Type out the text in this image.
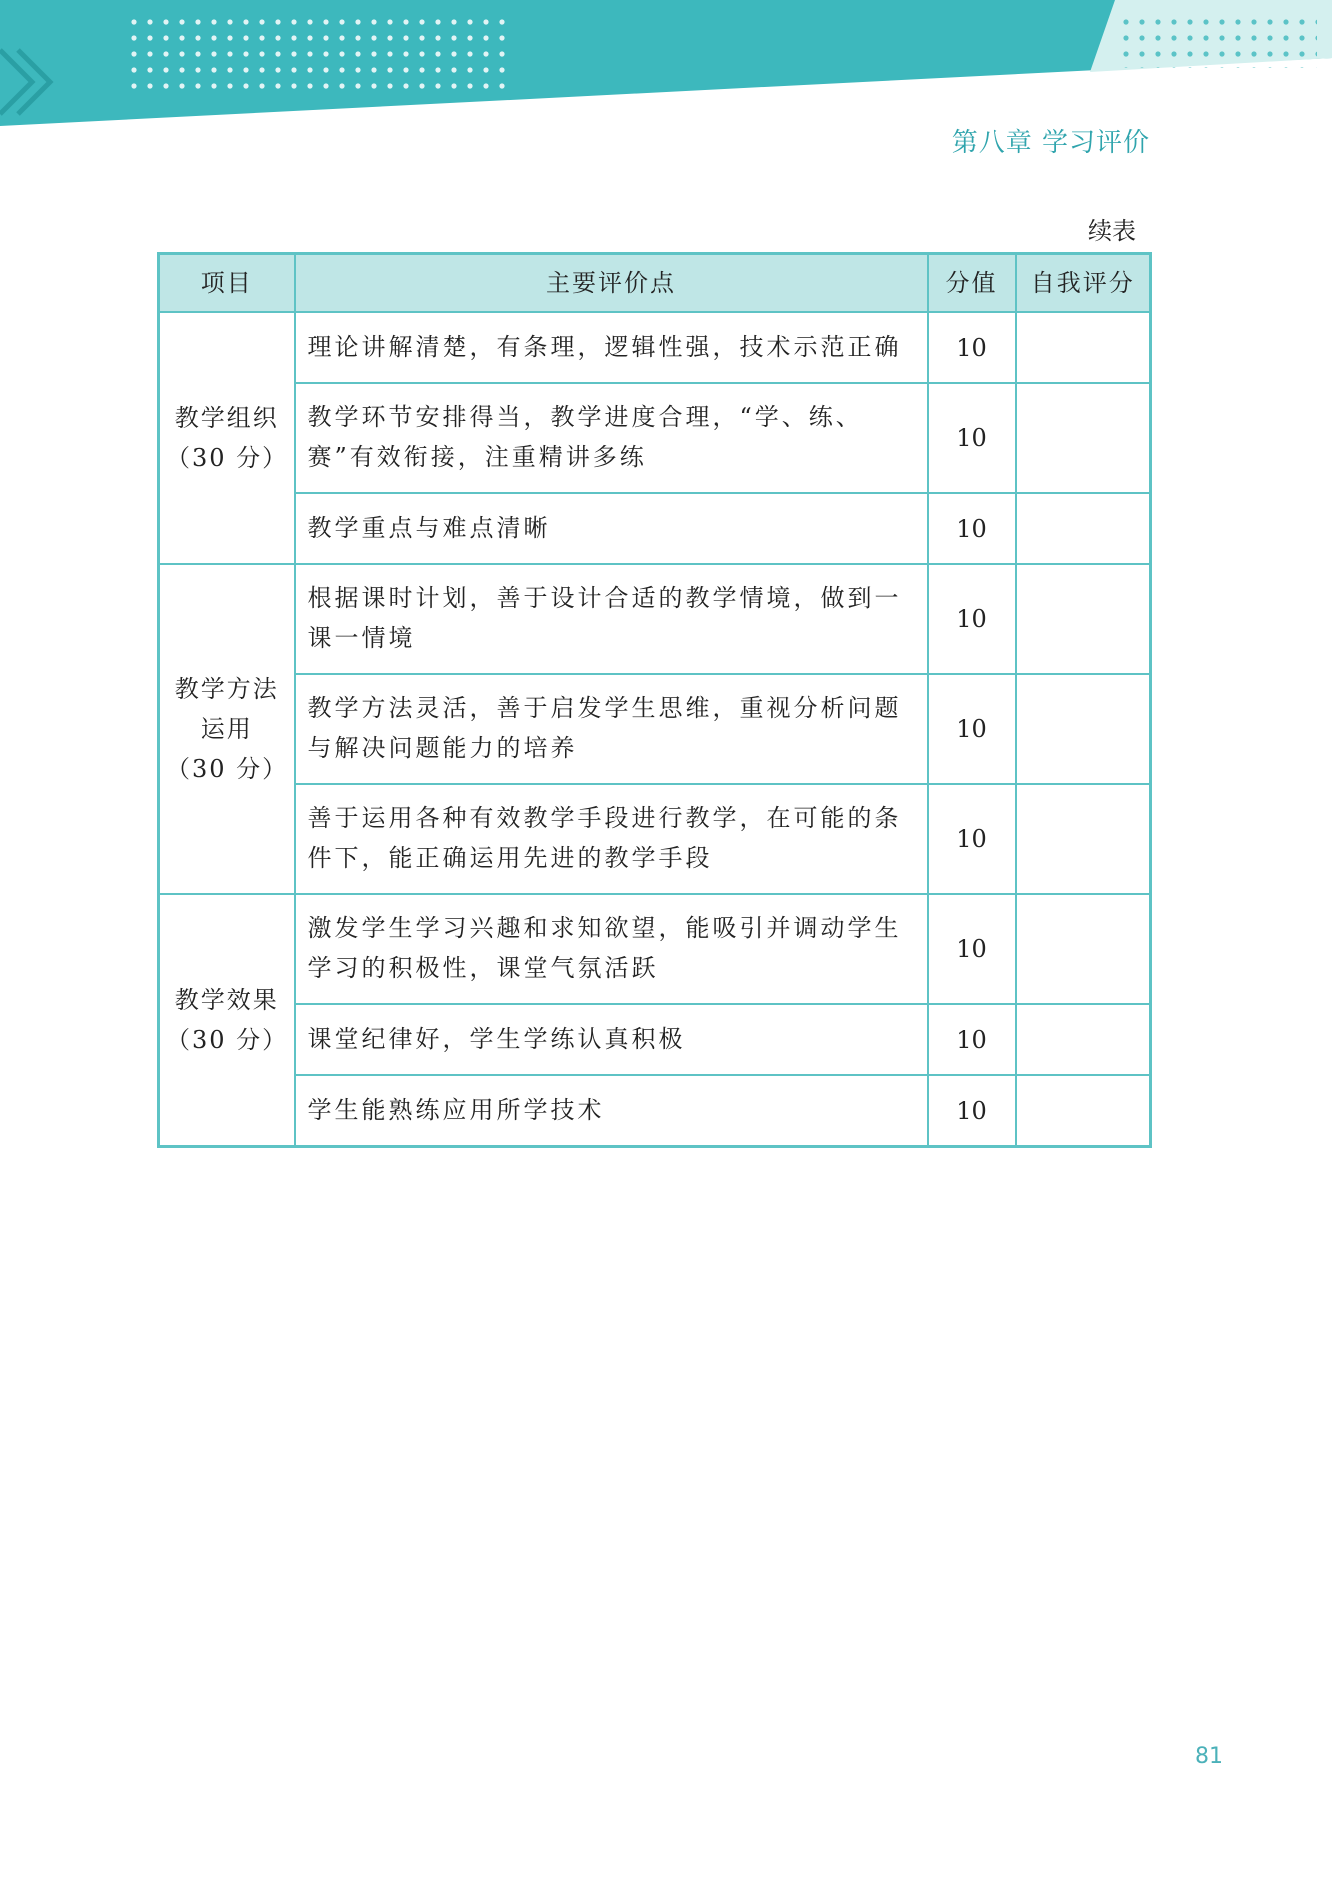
第八章 学习评价
续表
项目	主要评价点	分值	自我评分

教学组织
（30 分）	理论讲解清楚，有条理，逻辑性强，技术示范正确	10	
	教学环节安排得当，教学进度合理，“学、练、赛”有效衔接，注重精讲多练	10	
	教学重点与难点清晰	10	

教学方法
运用
（30 分）	根据课时计划，善于设计合适的教学情境，做到一课一情境	10	
	教学方法灵活，善于启发学生思维，重视分析问题与解决问题能力的培养	10	
	善于运用各种有效教学手段进行教学，在可能的条件下，能正确运用先进的教学手段	10	

教学效果
（30 分）	激发学生学习兴趣和求知欲望，能吸引并调动学生学习的积极性，课堂气氛活跃	10	
	课堂纪律好，学生学练认真积极	10	
	学生能熟练应用所学技术	10	
81
